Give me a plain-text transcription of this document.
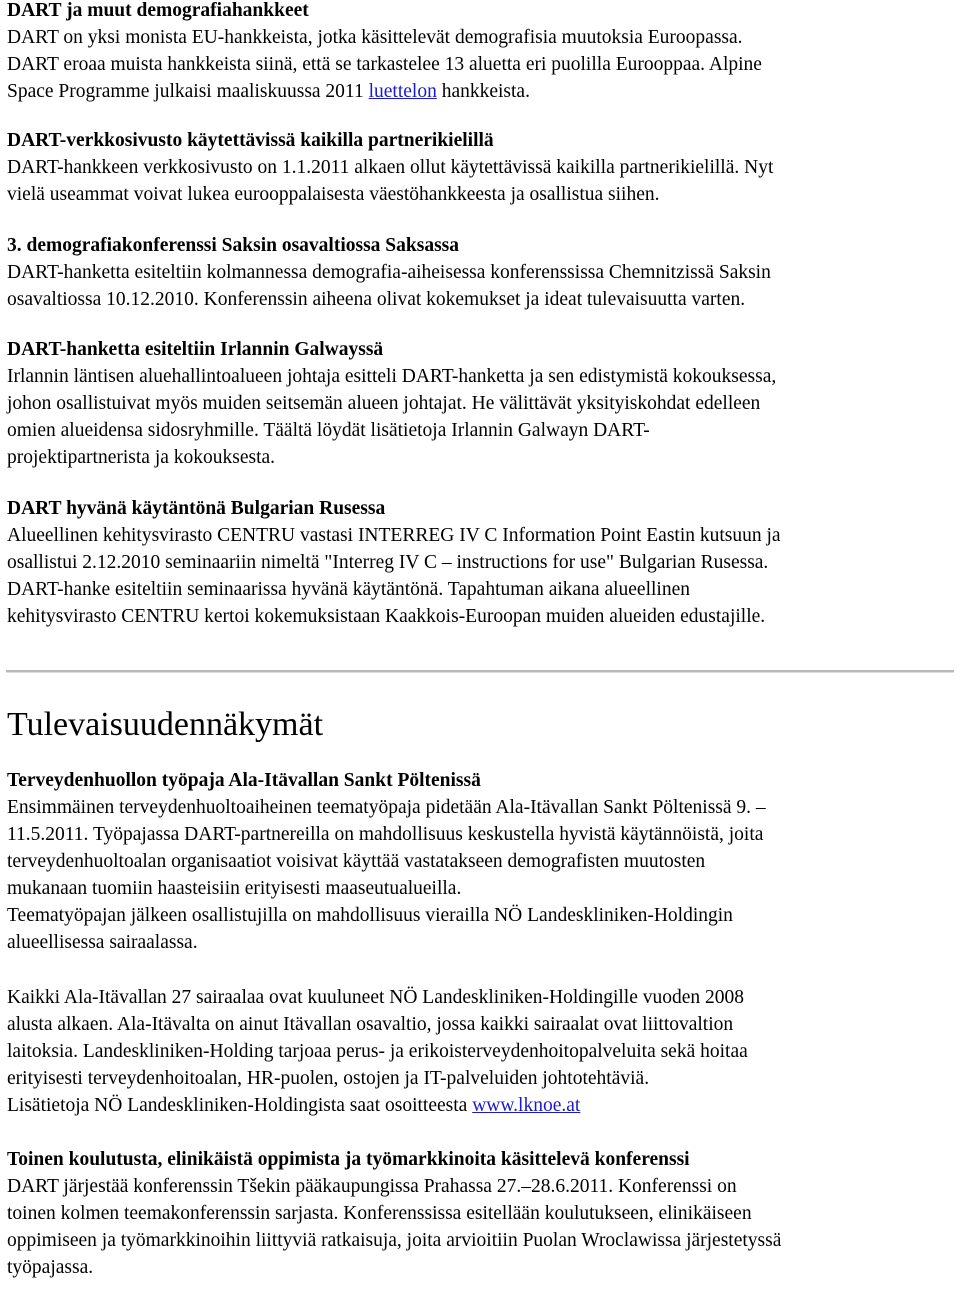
DART ja muut demografiahankkeet

DART on yksi monista EU-hankkeista, jotka käsittelevät demografisia muutoksia Euroopassa.

DART eroaa muista hankkeista siinä, että se tarkastelee 13 aluetta eri puolilla Eurooppaa. Alpine

Space Programme julkaisi maaliskuussa 2011 luettelon hankkeista.

DART-verkkosivusto käytettävissä kaikilla partnerikielillä

DART-hankkeen verkkosivusto on 1.1.2011 alkaen ollut käytettävissä kaikilla partnerikielillä. Nyt

vielä useammat voivat lukea eurooppalaisesta väestöhankkeesta ja osallistua siihen.

3. demografiakonferenssi Saksin osavaltiossa Saksassa

DART-hanketta esiteltiin kolmannessa demografia-aiheisessa konferenssissa Chemnitzissä Saksin

osavaltiossa 10.12.2010. Konferenssin aiheena olivat kokemukset ja ideat tulevaisuutta varten.

DART-hanketta esiteltiin Irlannin Galwayssä

Irlannin läntisen aluehallintoalueen johtaja esitteli DART-hanketta ja sen edistymistä kokouksessa,

johon osallistuivat myös muiden seitsemän alueen johtajat. He välittävät yksityiskohdat edelleen

omien alueidensa sidosryhmille. Täältä löydät lisätietoja Irlannin Galwayn DART-

projektipartnerista ja kokouksesta.

DART hyvänä käytäntönä Bulgarian Rusessa

Alueellinen kehitysvirasto CENTRU vastasi INTERREG IV C Information Point Eastin kutsuun ja

osallistui 2.12.2010 seminaariin nimeltä "Interreg IV C – instructions for use" Bulgarian Rusessa.

DART-hanke esiteltiin seminaarissa hyvänä käytäntönä. Tapahtuman aikana alueellinen

kehitysvirasto CENTRU kertoi kokemuksistaan Kaakkois-Euroopan muiden alueiden edustajille.

Tulevaisuudennäkymät

Terveydenhuollon työpaja Ala-Itävallan Sankt Pöltenissä

Ensimmäinen terveydenhuoltoaiheinen teematyöpaja pidetään Ala-Itävallan Sankt Pöltenissä 9. –

11.5.2011. Työpajassa DART-partnereilla on mahdollisuus keskustella hyvistä käytännöistä, joita

terveydenhuoltoalan organisaatiot voisivat käyttää vastatakseen demografisten muutosten

mukanaan tuomiin haasteisiin erityisesti maaseutualueilla.

Teematyöpajan jälkeen osallistujilla on mahdollisuus vierailla NÖ Landeskliniken-Holdingin

alueellisessa sairaalassa.

Kaikki Ala-Itävallan 27 sairaalaa ovat kuuluneet NÖ Landeskliniken-Holdingille vuoden 2008

alusta alkaen. Ala-Itävalta on ainut Itävallan osavaltio, jossa kaikki sairaalat ovat liittovaltion

laitoksia. Landeskliniken-Holding tarjoaa perus- ja erikoisterveydenhoitopalveluita sekä hoitaa

erityisesti terveydenhoitoalan, HR-puolen, ostojen ja IT-palveluiden johtotehtäviä.

Lisätietoja NÖ Landeskliniken-Holdingista saat osoitteesta www.lknoe.at

Toinen koulutusta, elinikäistä oppimista ja työmarkkinoita käsittelevä konferenssi

DART järjestää konferenssin Tšekin pääkaupungissa Prahassa 27.–28.6.2011. Konferenssi on

toinen kolmen teemakonferenssin sarjasta. Konferenssissa esitellään koulutukseen, elinikäiseen

oppimiseen ja työmarkkinoihin liittyviä ratkaisuja, joita arvioitiin Puolan Wroclawissa järjestetyssä

työpajassa.
